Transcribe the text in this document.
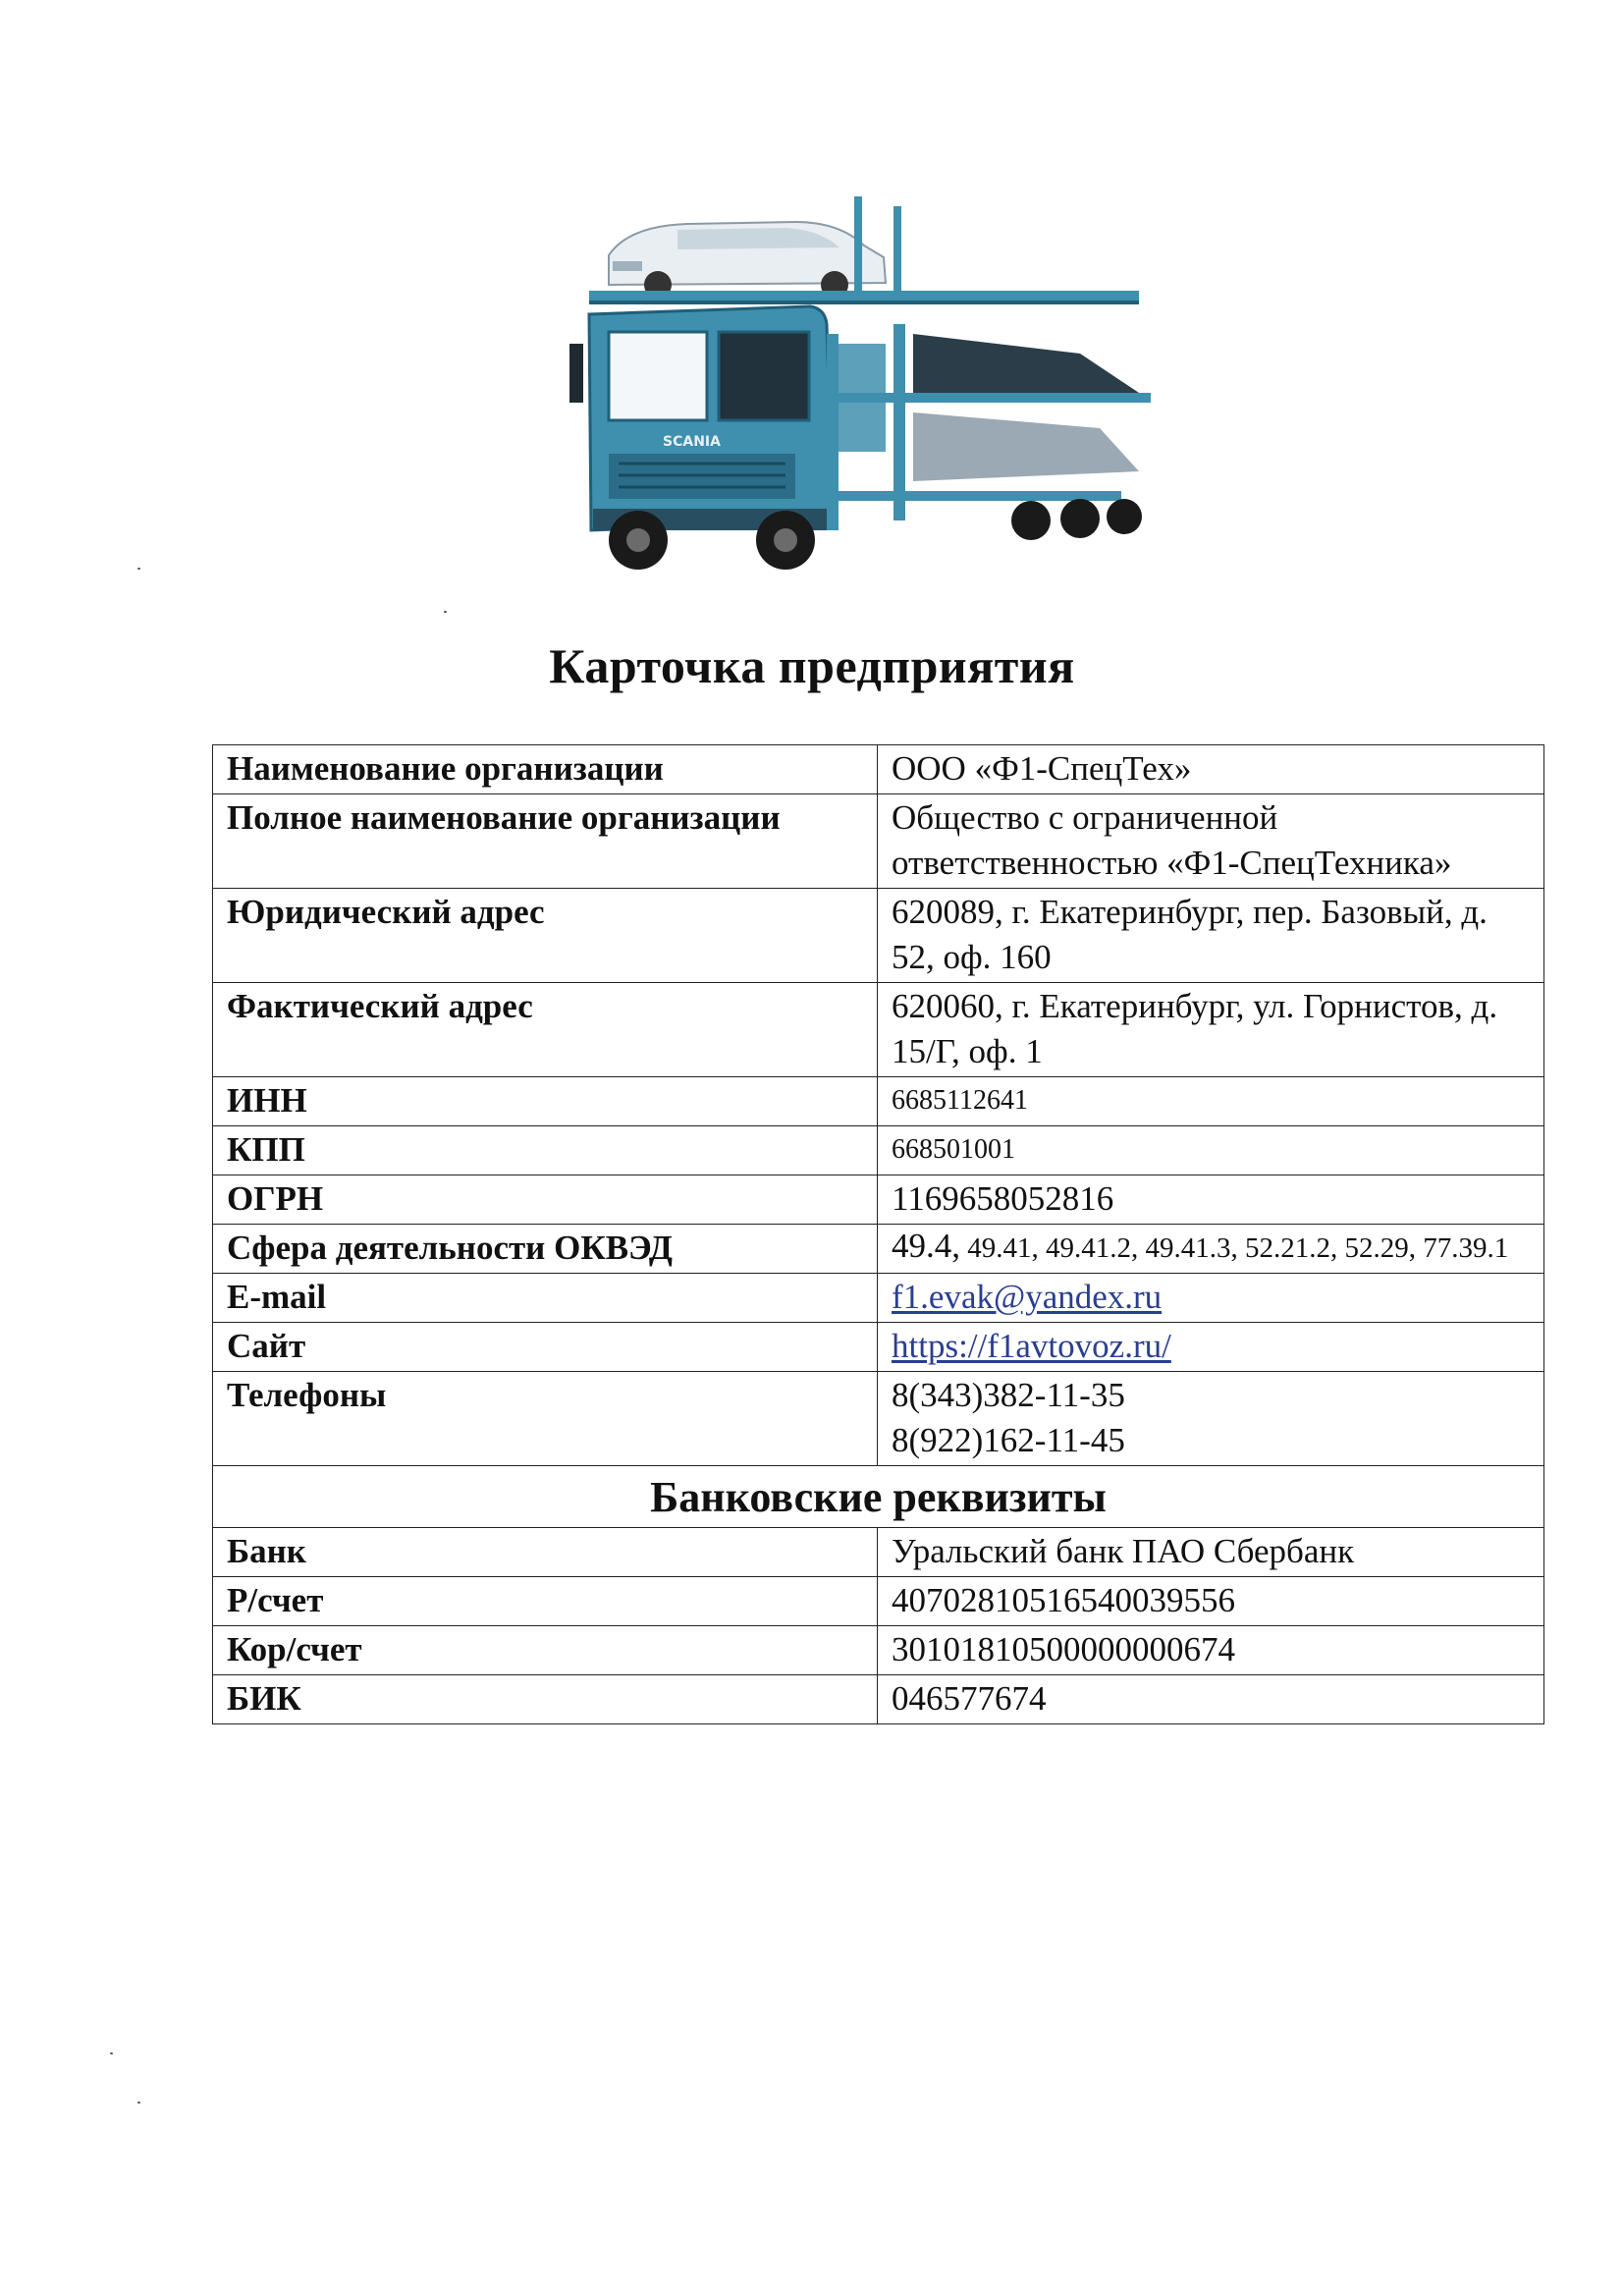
SCANIA
Карточка предприятия
Наименование организации	ООО «Ф1-СпецТех»
Полное наименование организации	Общество с ограниченной ответственностью «Ф1-СпецТехника»
Юридический адрес	620089, г. Екатеринбург, пер. Базовый, д. 52, оф. 160
Фактический адрес	620060, г. Екатеринбург, ул. Горнистов, д. 15/Г, оф. 1
ИНН	6685112641
КПП	668501001
ОГРН	1169658052816
Сфера деятельности ОКВЭД	49.4, 49.41, 49.41.2, 49.41.3, 52.21.2, 52.29, 77.39.1
E-mail	f1.evak@yandex.ru
Сайт	https://f1avtovoz.ru/
Телефоны	8(343)382-11-35
8(922)162-11-45

Банковские реквизиты	
Банк	Уральский банк ПАО Сбербанк
Р/счет	40702810516540039556
Кор/счет	30101810500000000674
БИК	046577674
